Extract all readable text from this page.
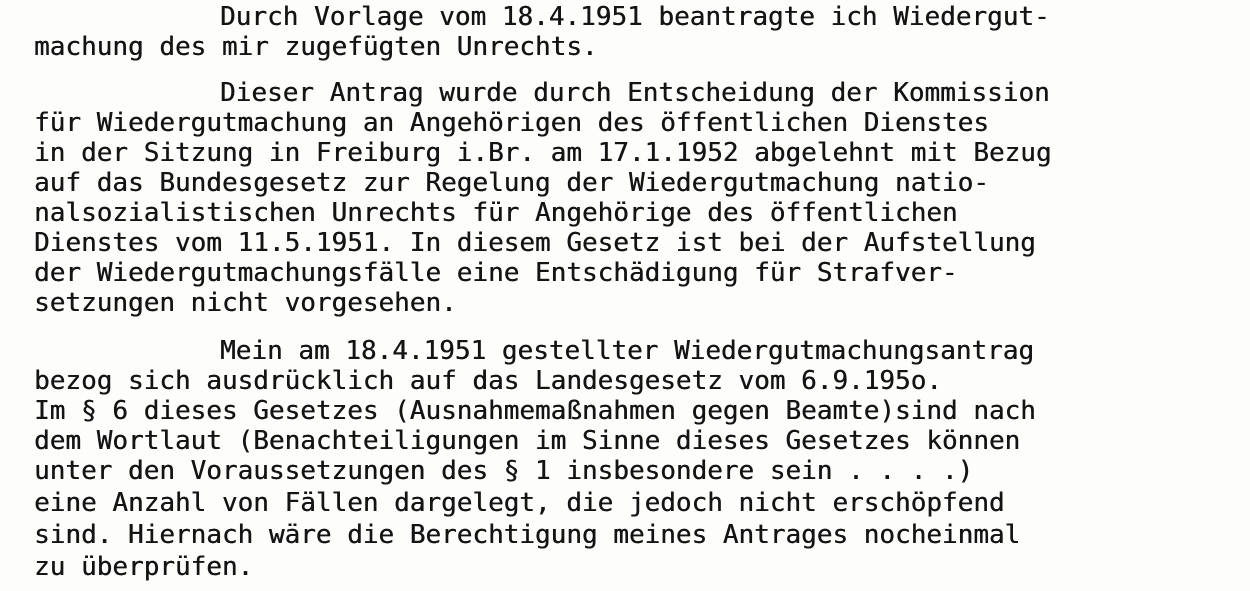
Durch Vorlage vom 18.4.1951 beantragte ich Wiedergut-

machung des mir zugefügten Unrechts.

Dieser Antrag wurde durch Entscheidung der Kommission

für Wiedergutmachung an Angehörigen des öffentlichen Dienstes

in der Sitzung in Freiburg i.Br. am 17.1.1952 abgelehnt mit Bezug

auf das Bundesgesetz zur Regelung der Wiedergutmachung natio-

nalsozialistischen Unrechts für Angehörige des öffentlichen

Dienstes vom 11.5.1951. In diesem Gesetz ist bei der Aufstellung

der Wiedergutmachungsfälle eine Entschädigung für Strafver-

setzungen nicht vorgesehen.

Mein am 18.4.1951 gestellter Wiedergutmachungsantrag

bezog sich ausdrücklich auf das Landesgesetz vom 6.9.195o.

Im § 6 dieses Gesetzes (Ausnahmemaßnahmen gegen Beamte)sind nach

dem Wortlaut (Benachteiligungen im Sinne dieses Gesetzes können

unter den Voraussetzungen des § 1 insbesondere sein . . . .)

eine Anzahl von Fällen dargelegt, die jedoch nicht erschöpfend

sind. Hiernach wäre die Berechtigung meines Antrages nocheinmal

zu überprüfen.
